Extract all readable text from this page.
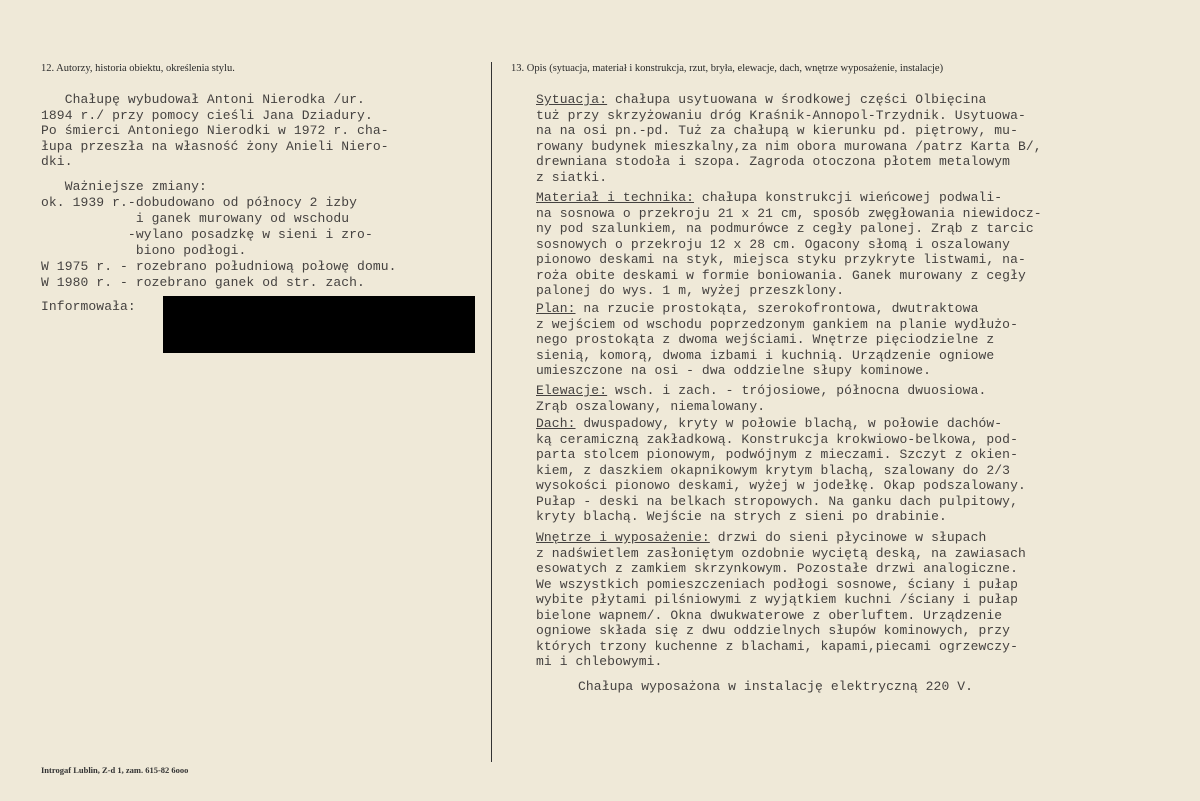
12. Autorzy, historia obiektu, określenia stylu.	13. Opis (sytuacja, materiał i konstrukcja, rzut, bryła, elewacje, dach, wnętrze wyposażenie, instalacje)
Chałupę wybudował Antoni Nierodka /ur.
1894 r./ przy pomocy cieśli Jana Dziadury.
Po śmierci Antoniego Nierodki w 1972 r. cha-
łupa przeszła na własność żony Anieli Niero-
dki.
Ważniejsze zmiany:
ok. 1939 r.-dobudowano od północy 2 izby
i ganek murowany od wschodu
-wylano posadzkę w sieni i zro-
biono podłogi.
W 1975 r. - rozebrano południową połowę domu.
W 1980 r. - rozebrano ganek od str. zach.
Informowała:
Sytuacja: chałupa usytuowana w środkowej części Olbięcina
tuż przy skrzyżowaniu dróg Kraśnik-Annopol-Trzydnik. Usytuowa-
na na osi pn.-pd. Tuż za chałupą w kierunku pd. piętrowy, mu-
rowany budynek mieszkalny,za nim obora murowana /patrz Karta B/,
drewniana stodoła i szopa. Zagroda otoczona płotem metalowym
z siatki.
Materiał i technika: chałupa konstrukcji wieńcowej podwali-
na sosnowa o przekroju 21 x 21 cm, sposób zwęgłowania niewidocz-
ny pod szalunkiem, na podmurówce z cegły palonej. Zrąb z tarcic
sosnowych o przekroju 12 x 28 cm. Ogacony słomą i oszalowany
pionowo deskami na styk, miejsca styku przykryte listwami, na-
roża obite deskami w formie boniowania. Ganek murowany z cegły
palonej do wys. 1 m, wyżej przeszklony.
Plan: na rzucie prostokąta, szerokofrontowa, dwutraktowa
z wejściem od wschodu poprzedzonym gankiem na planie wydłużo-
nego prostokąta z dwoma wejściami. Wnętrze pięciodzielne z
sienią, komorą, dwoma izbami i kuchnią. Urządzenie ogniowe
umieszczone na osi - dwa oddzielne słupy kominowe.
Elewacje: wsch. i zach. - trójosiowe, północna dwuosiowa.
Zrąb oszalowany, niemalowany.
Dach: dwuspadowy, kryty w połowie blachą, w połowie dachów-
ką ceramiczną zakładkową. Konstrukcja krokwiowo-belkowa, pod-
parta stolcem pionowym, podwójnym z mieczami. Szczyt z okien-
kiem, z daszkiem okapnikowym krytym blachą, szalowany do 2/3
wysokości pionowo deskami, wyżej w jodełkę. Okap podszalowany.
Pułap - deski na belkach stropowych. Na ganku dach pulpitowy,
kryty blachą. Wejście na strych z sieni po drabinie.
Wnętrze i wyposażenie: drzwi do sieni płycinowe w słupach
z nadświetlem zasłoniętym ozdobnie wyciętą deską, na zawiasach
esowatych z zamkiem skrzynkowym. Pozostałe drzwi analogiczne.
We wszystkich pomieszczeniach podłogi sosnowe, ściany i pułap
wybite płytami pilśniowymi z wyjątkiem kuchni /ściany i pułap
bielone wapnem/. Okna dwukwaterowe z oberluftem. Urządzenie
ogniowe składa się z dwu oddzielnych słupów kominowych, przy
których trzony kuchenne z blachami, kapami,piecami ogrzewczy-
mi i chlebowymi.
Chałupa wyposażona w instalację elektryczną 220 V.
Introgaf Lublin, Z-d 1, zam. 615-82 6ooo
